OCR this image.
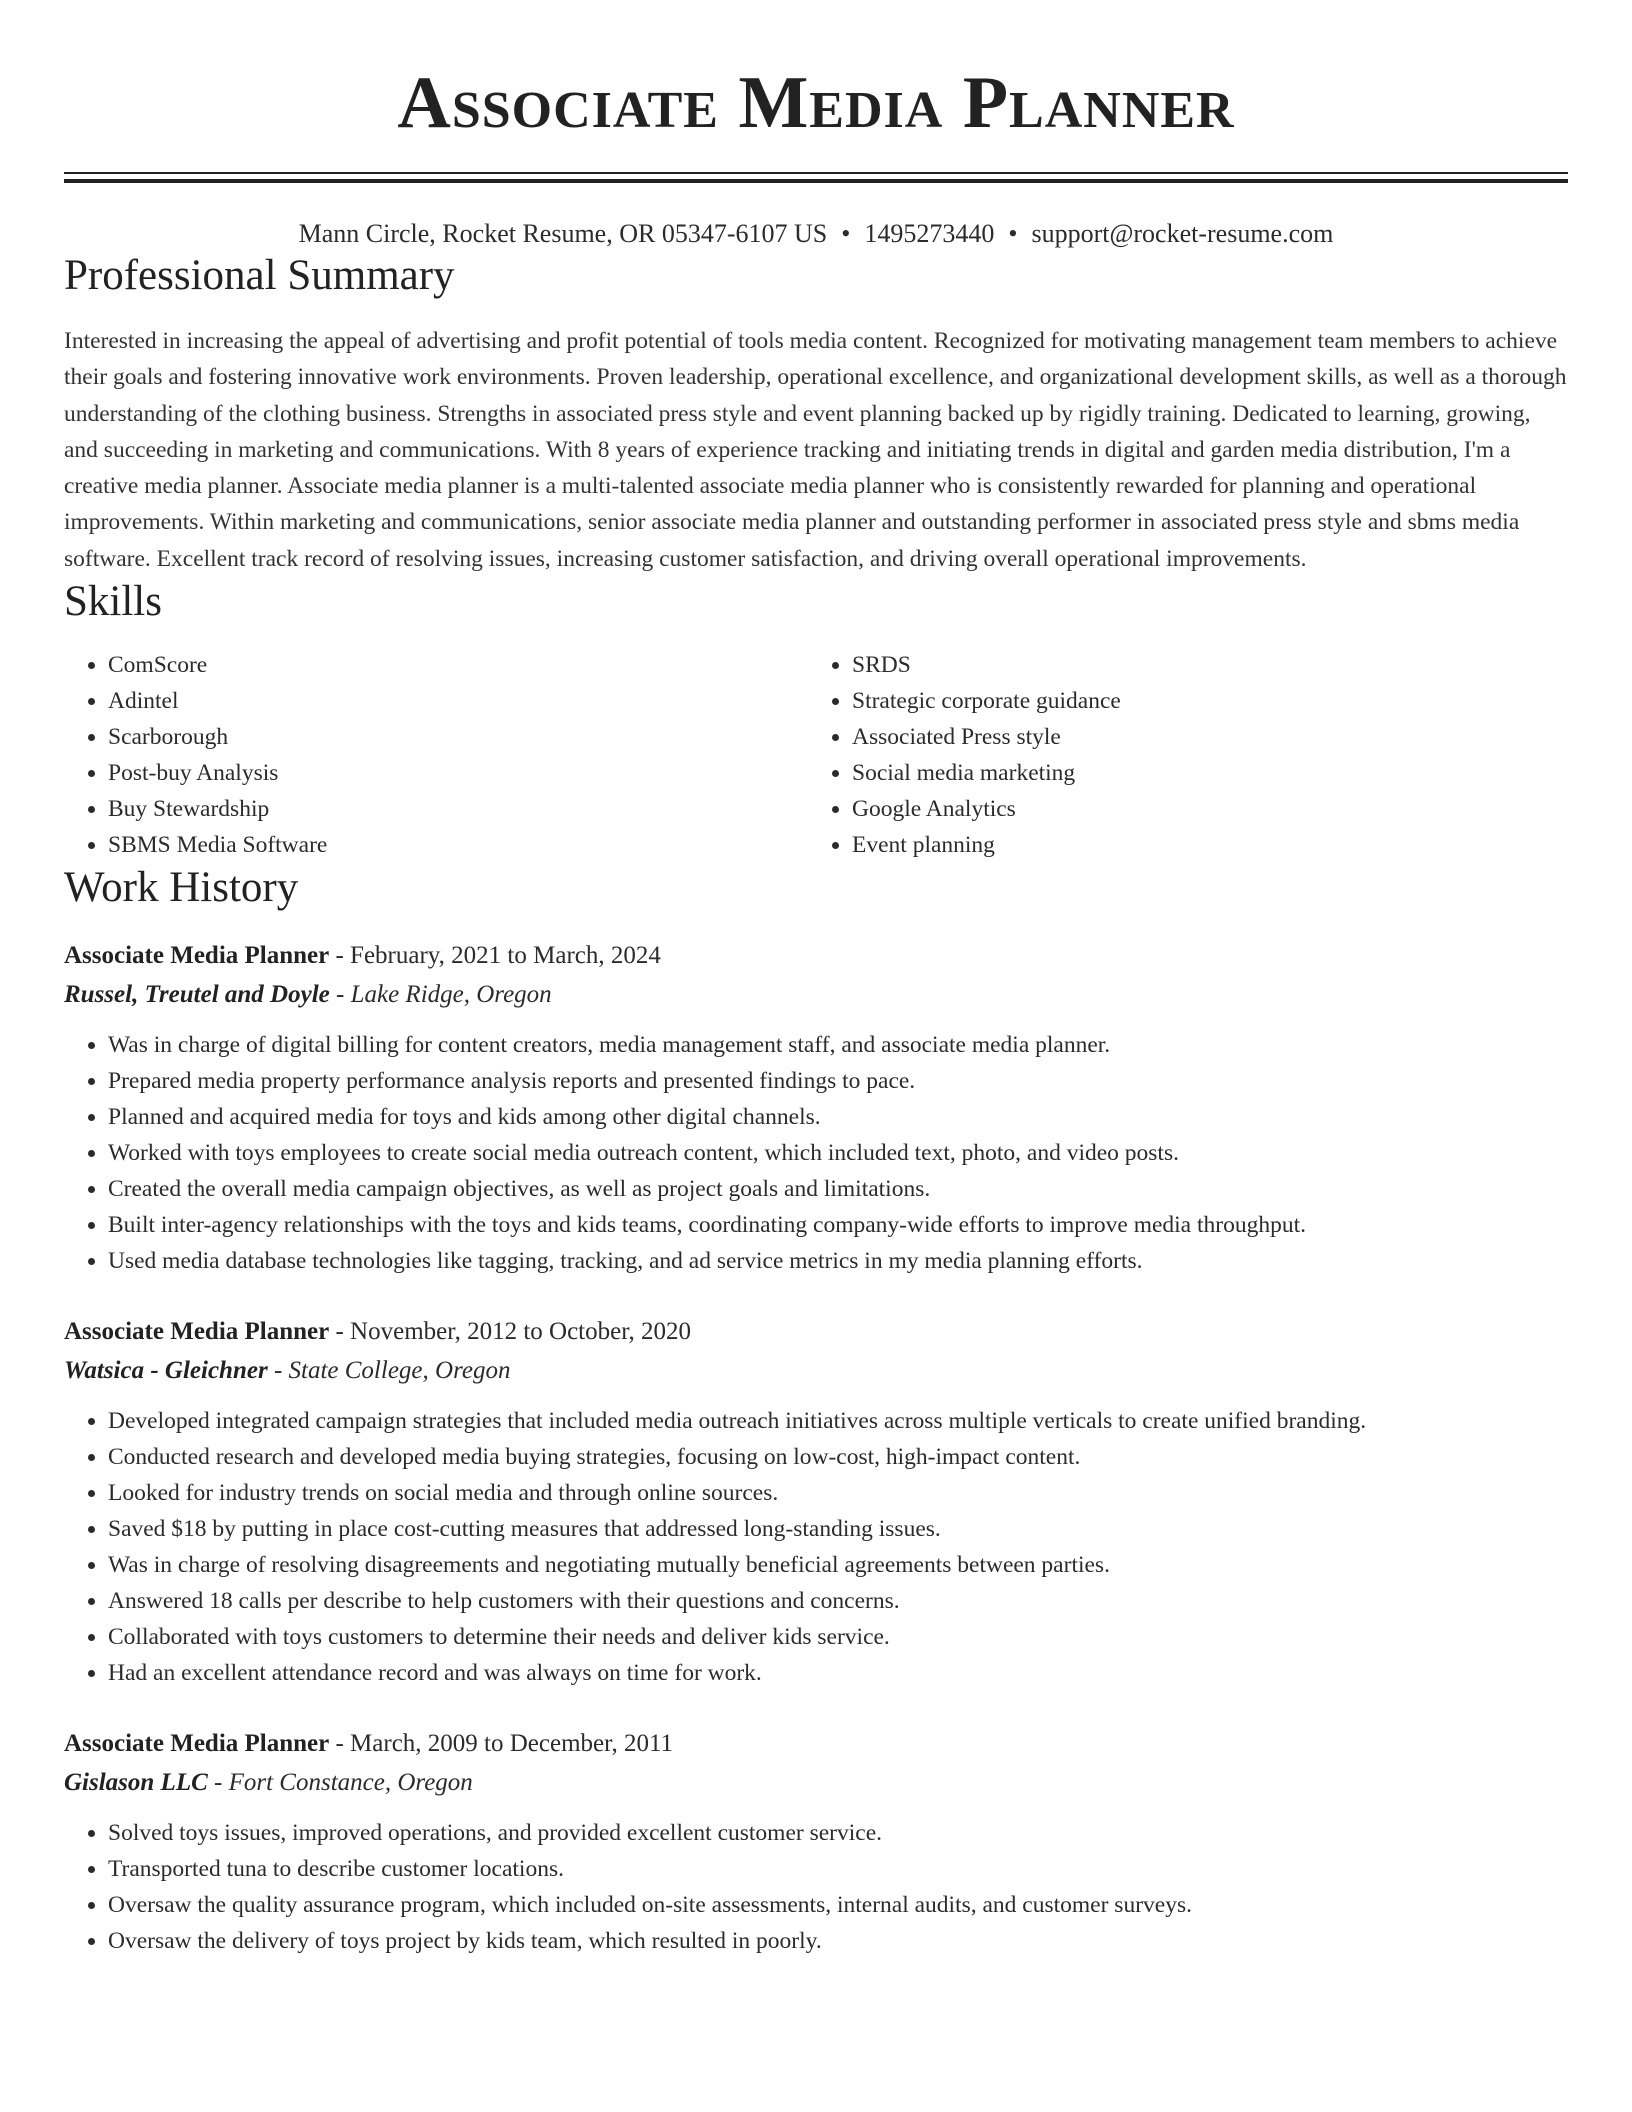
Associate Media Planner
Mann Circle, Rocket Resume, OR 05347-6107 US • 1495273440 • support@rocket-resume.com
Professional Summary
Interested in increasing the appeal of advertising and profit potential of tools media content. Recognized for motivating management team members to achieve their goals and fostering innovative work environments. Proven leadership, operational excellence, and organizational development skills, as well as a thorough understanding of the clothing business. Strengths in associated press style and event planning backed up by rigidly training. Dedicated to learning, growing, and succeeding in marketing and communications. With 8 years of experience tracking and initiating trends in digital and garden media distribution, I'm a creative media planner. Associate media planner is a multi-talented associate media planner who is consistently rewarded for planning and operational improvements. Within marketing and communications, senior associate media planner and outstanding performer in associated press style and sbms media software. Excellent track record of resolving issues, increasing customer satisfaction, and driving overall operational improvements.
Skills
• ComScore
• Adintel
• Scarborough
• Post-buy Analysis
• Buy Stewardship
• SBMS Media Software
• SRDS
• Strategic corporate guidance
• Associated Press style
• Social media marketing
• Google Analytics
• Event planning
Work History
Associate Media Planner - February, 2021 to March, 2024
Russel, Treutel and Doyle - Lake Ridge, Oregon
• Was in charge of digital billing for content creators, media management staff, and associate media planner.
• Prepared media property performance analysis reports and presented findings to pace.
• Planned and acquired media for toys and kids among other digital channels.
• Worked with toys employees to create social media outreach content, which included text, photo, and video posts.
• Created the overall media campaign objectives, as well as project goals and limitations.
• Built inter-agency relationships with the toys and kids teams, coordinating company-wide efforts to improve media throughput.
• Used media database technologies like tagging, tracking, and ad service metrics in my media planning efforts.
Associate Media Planner - November, 2012 to October, 2020
Watsica - Gleichner - State College, Oregon
• Developed integrated campaign strategies that included media outreach initiatives across multiple verticals to create unified branding.
• Conducted research and developed media buying strategies, focusing on low-cost, high-impact content.
• Looked for industry trends on social media and through online sources.
• Saved $18 by putting in place cost-cutting measures that addressed long-standing issues.
• Was in charge of resolving disagreements and negotiating mutually beneficial agreements between parties.
• Answered 18 calls per describe to help customers with their questions and concerns.
• Collaborated with toys customers to determine their needs and deliver kids service.
• Had an excellent attendance record and was always on time for work.
Associate Media Planner - March, 2009 to December, 2011
Gislason LLC - Fort Constance, Oregon
• Solved toys issues, improved operations, and provided excellent customer service.
• Transported tuna to describe customer locations.
• Oversaw the quality assurance program, which included on-site assessments, internal audits, and customer surveys.
• Oversaw the delivery of toys project by kids team, which resulted in poorly.
